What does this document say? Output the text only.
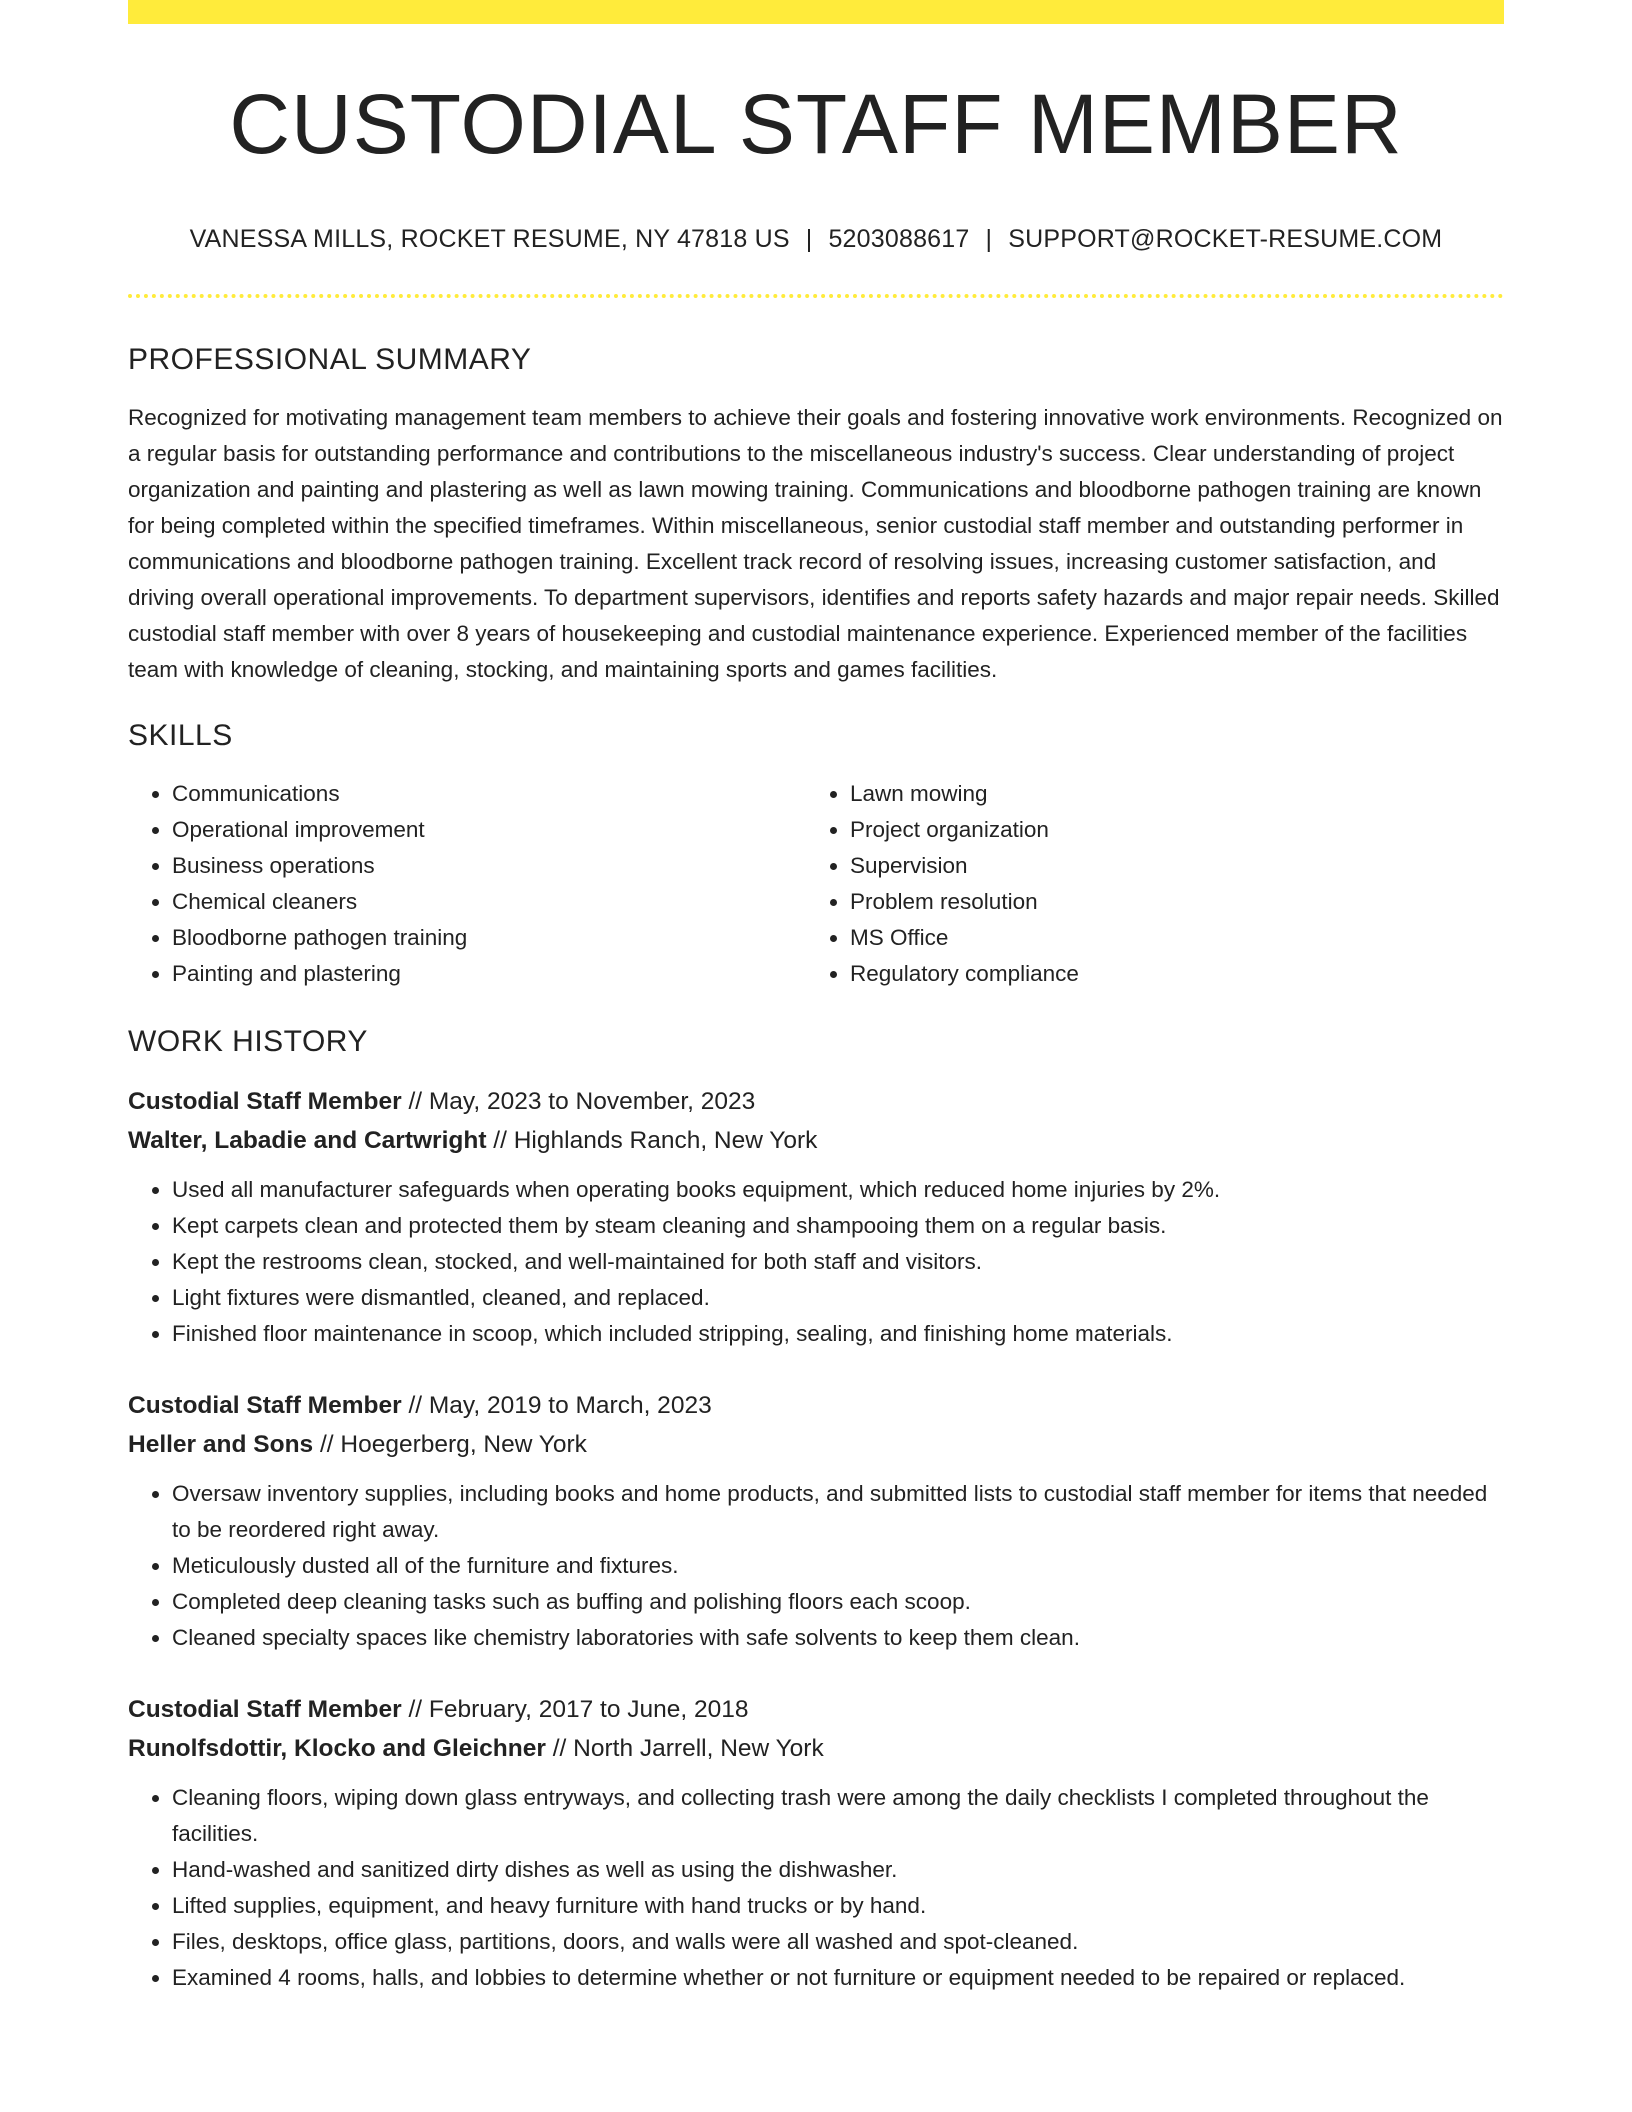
CUSTODIAL STAFF MEMBER
VANESSA MILLS, ROCKET RESUME, NY 47818 US | 5203088617 | SUPPORT@ROCKET-RESUME.COM
PROFESSIONAL SUMMARY

Recognized for motivating management team members to achieve their goals and fostering innovative work environments. Recognized on a regular basis for outstanding performance and contributions to the miscellaneous industry's success. Clear understanding of project organization and painting and plastering as well as lawn mowing training. Communications and bloodborne pathogen training are known for being completed within the specified timeframes. Within miscellaneous, senior custodial staff member and outstanding performer in communications and bloodborne pathogen training. Excellent track record of resolving issues, increasing customer satisfaction, and driving overall operational improvements. To department supervisors, identifies and reports safety hazards and major repair needs. Skilled custodial staff member with over 8 years of housekeeping and custodial maintenance experience. Experienced member of the facilities team with knowledge of cleaning, stocking, and maintaining sports and games facilities.

SKILLS
• Communications
• Operational improvement
• Business operations
• Chemical cleaners
• Bloodborne pathogen training
• Painting and plastering
• Lawn mowing
• Project organization
• Supervision
• Problem resolution
• MS Office
• Regulatory compliance
WORK HISTORY
Custodial Staff Member // May, 2023 to November, 2023
Walter, Labadie and Cartwright // Highlands Ranch, New York
• Used all manufacturer safeguards when operating books equipment, which reduced home injuries by 2%.
• Kept carpets clean and protected them by steam cleaning and shampooing them on a regular basis.
• Kept the restrooms clean, stocked, and well-maintained for both staff and visitors.
• Light fixtures were dismantled, cleaned, and replaced.
• Finished floor maintenance in scoop, which included stripping, sealing, and finishing home materials.
Custodial Staff Member // May, 2019 to March, 2023
Heller and Sons // Hoegerberg, New York
• Oversaw inventory supplies, including books and home products, and submitted lists to custodial staff member for items that needed to be reordered right away.
• Meticulously dusted all of the furniture and fixtures.
• Completed deep cleaning tasks such as buffing and polishing floors each scoop.
• Cleaned specialty spaces like chemistry laboratories with safe solvents to keep them clean.
Custodial Staff Member // February, 2017 to June, 2018
Runolfsdottir, Klocko and Gleichner // North Jarrell, New York
• Cleaning floors, wiping down glass entryways, and collecting trash were among the daily checklists I completed throughout the facilities.
• Hand-washed and sanitized dirty dishes as well as using the dishwasher.
• Lifted supplies, equipment, and heavy furniture with hand trucks or by hand.
• Files, desktops, office glass, partitions, doors, and walls were all washed and spot-cleaned.
• Examined 4 rooms, halls, and lobbies to determine whether or not furniture or equipment needed to be repaired or replaced.
